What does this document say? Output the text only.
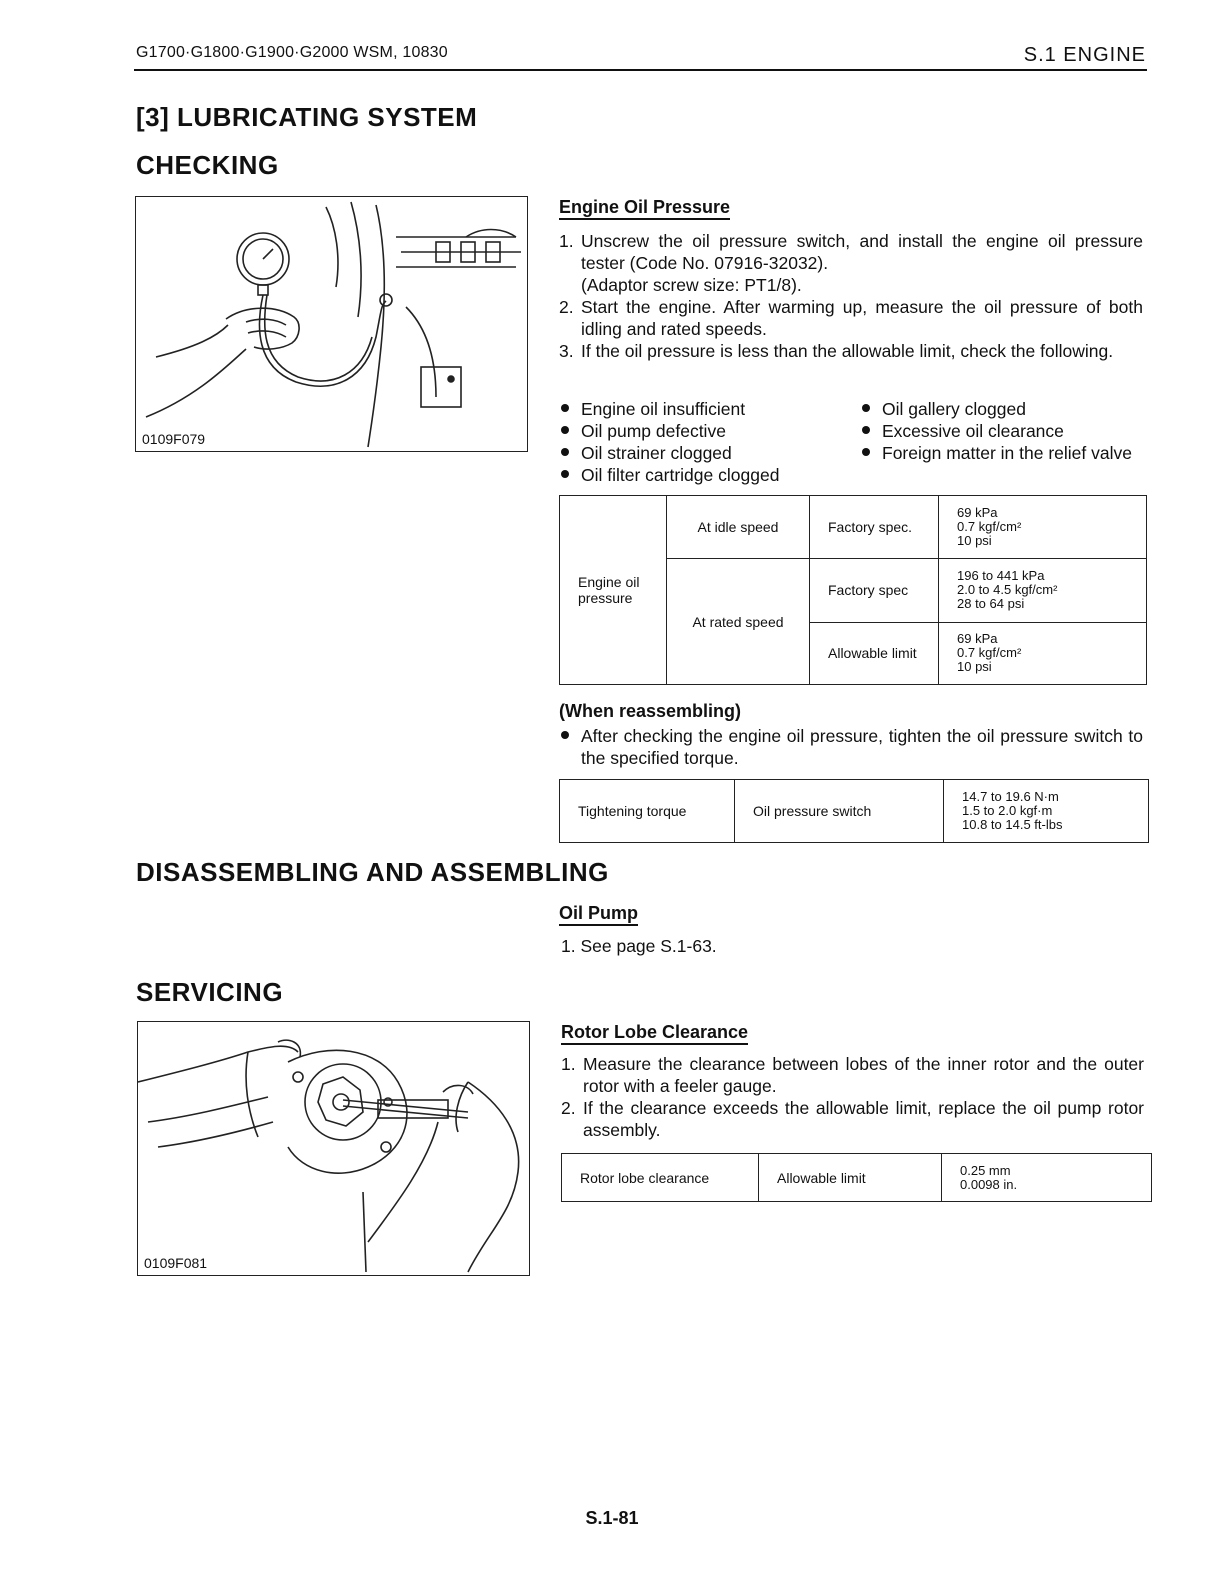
G1700·G1800·G1900·G2000 WSM, 10830	S.1 ENGINE
[3] LUBRICATING SYSTEM
CHECKING
0109F079
Engine Oil Pressure
1. Unscrew the oil pressure switch, and install the engine oil pressure tester (Code No. 07916-32032).
(Adaptor screw size: PT1/8).
2. Start the engine. After warming up, measure the oil pressure of both idling and rated speeds.
3. If the oil pressure is less than the allowable limit, check the following.
Engine oil insufficient
Oil pump defective
Oil strainer clogged
Oil filter cartridge clogged
Oil gallery clogged
Excessive oil clearance
Foreign matter in the relief valve
Engine oil pressure	At idle speed	Factory spec.	69 kPa
0.7 kgf/cm²
10 psi

	At rated speed	Factory spec	196 to 441 kPa
2.0 to 4.5 kgf/cm²
28 to 64 psi

		Allowable limit	69 kPa
0.7 kgf/cm²
10 psi
(When reassembling)
After checking the engine oil pressure, tighten the oil pressure switch to the specified torque.
Tightening torque	Oil pressure switch	
14.7 to 19.6 N·m
1.5 to 2.0 kgf·m
10.8 to 14.5 ft-lbs
DISASSEMBLING AND ASSEMBLING
Oil Pump
1. See page S.1-63.
SERVICING
0109F081
Rotor Lobe Clearance
1. Measure the clearance between lobes of the inner rotor and the outer rotor with a feeler gauge.
2. If the clearance exceeds the allowable limit, replace the oil pump rotor assembly.
Rotor lobe clearance	Allowable limit	0.25 mm
0.0098 in.
S.1-81
